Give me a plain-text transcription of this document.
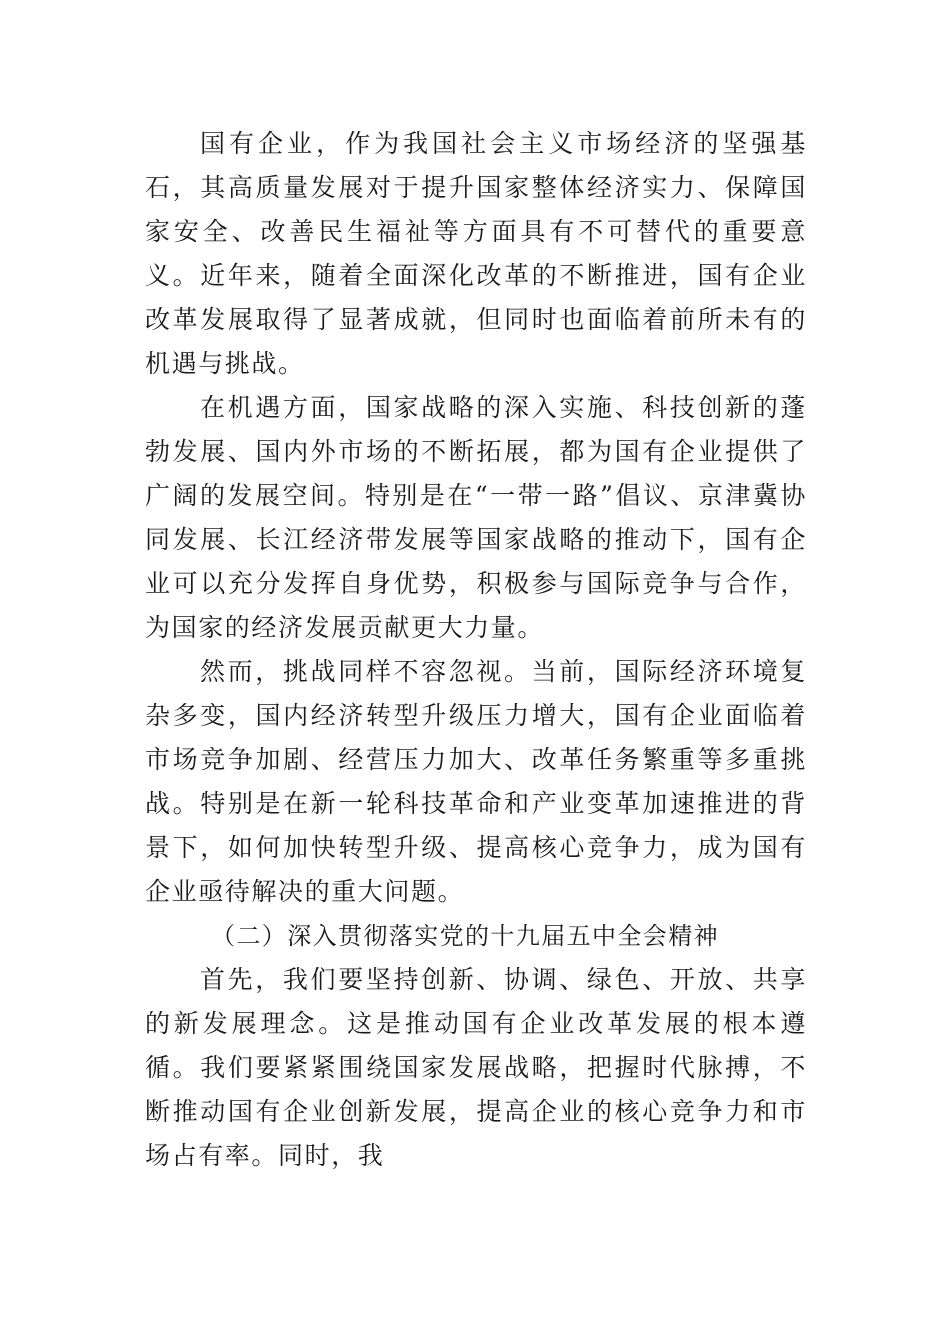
国有企业，作为我国社会主义市场经济的坚强基石，其高质量发展对于提升国家整体经济实力、保障国家安全、改善民生福祉等方面具有不可替代的重要意义。近年来，随着全面深化改革的不断推进，国有企业改革发展取得了显著成就，但同时也面临着前所未有的机遇与挑战。

在机遇方面，国家战略的深入实施、科技创新的蓬勃发展、国内外市场的不断拓展，都为国有企业提供了广阔的发展空间。特别是在“一带一路”倡议、京津冀协同发展、长江经济带发展等国家战略的推动下，国有企业可以充分发挥自身优势，积极参与国际竞争与合作，为国家的经济发展贡献更大力量。

然而，挑战同样不容忽视。当前，国际经济环境复杂多变，国内经济转型升级压力增大，国有企业面临着市场竞争加剧、经营压力加大、改革任务繁重等多重挑战。特别是在新一轮科技革命和产业变革加速推进的背景下，如何加快转型升级、提高核心竞争力，成为国有企业亟待解决的重大问题。

（二）深入贯彻落实党的十九届五中全会精神

首先，我们要坚持创新、协调、绿色、开放、共享的新发展理念。这是推动国有企业改革发展的根本遵循。我们要紧紧围绕国家发展战略，把握时代脉搏，不断推动国有企业创新发展，提高企业的核心竞争力和市场占有率。同时，我
